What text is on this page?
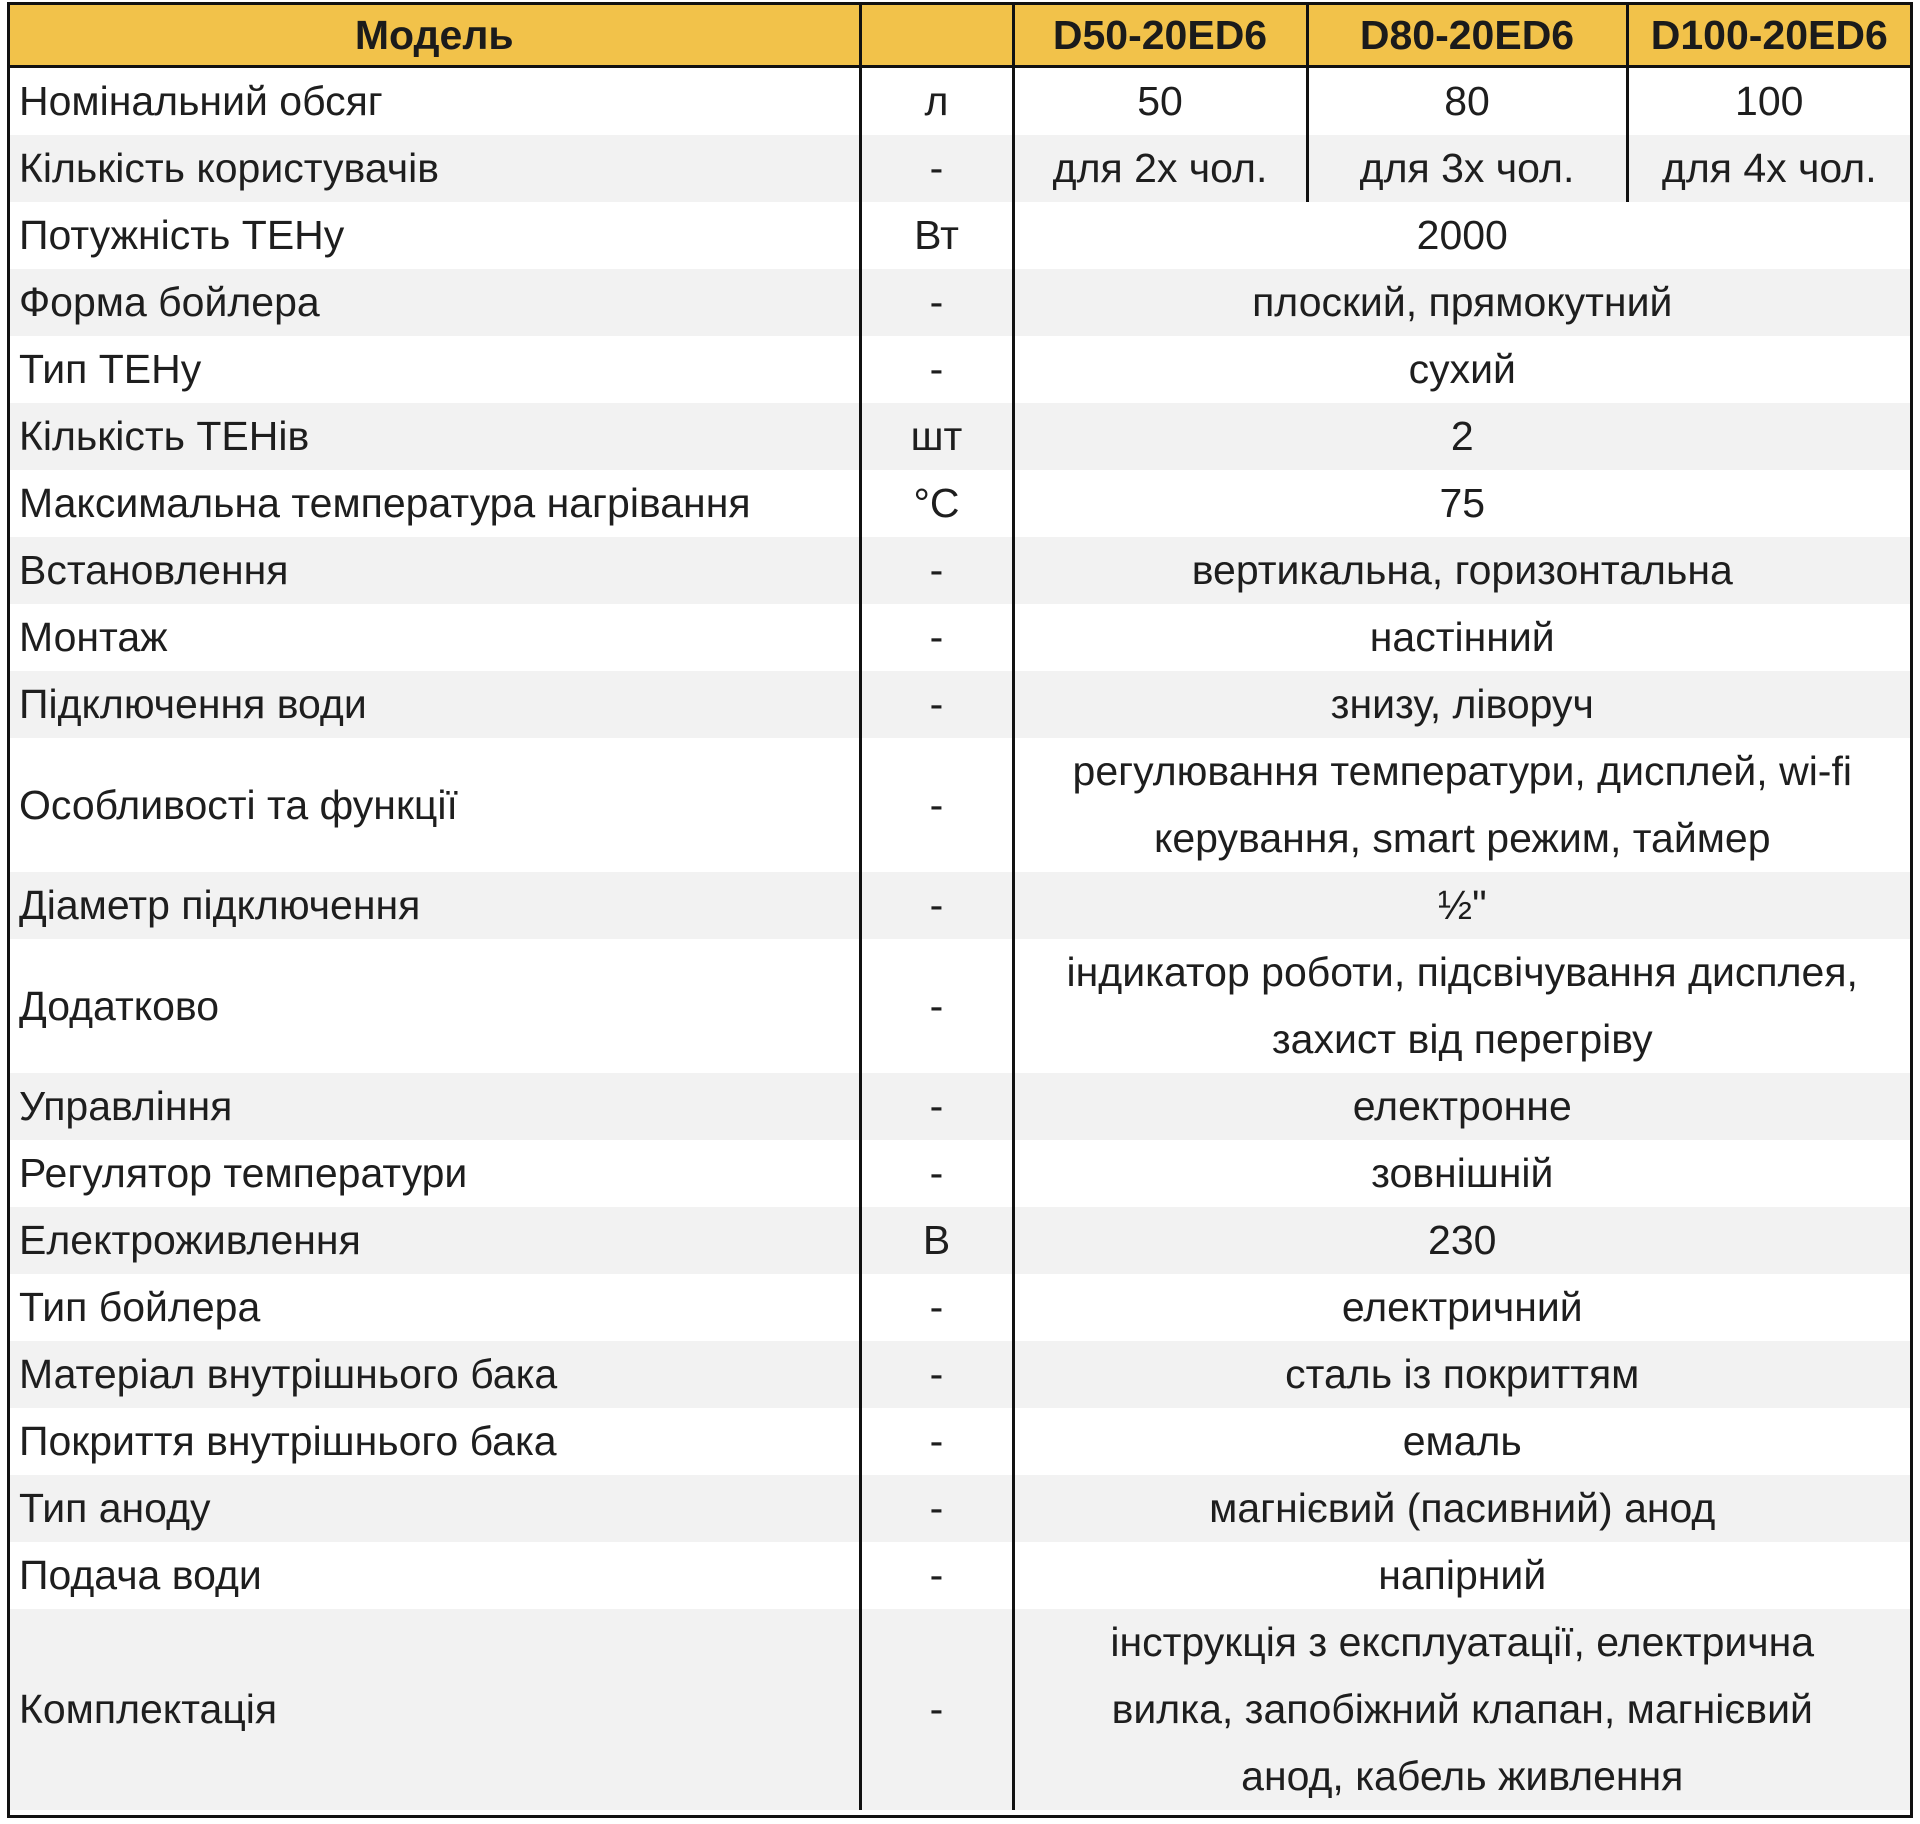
Модель		D50-20ED6	D80-20ED6	D100-20ED6
Номінальний обсяг	л	50	80	100
Кількість користувачів	-	для 2х чол.	для 3х чол.	для 4х чол.
Потужність ТЕНу	Вт	2000		
Форма бойлера	-	плоский, прямокутний		
Тип ТЕНу	-	сухий		
Кількість ТЕНів	шт	2		
Максимальна температура нагрівання	°C	75		
Встановлення	-	вертикальна, горизонтальна		
Монтаж	-	настінний		
Підключення води	-	знизу, ліворуч		
Особливості та функції	-	регулювання температури, дисплей, wi-fi
керування, smart режим, таймер		

Діаметр підключення	-	½"		
Додатково	-	індикатор роботи, підсвічування дисплея,
захист від перегріву		

Управління	-	електронне		
Регулятор температури	-	зовнішній		
Електроживлення	В	230		
Тип бойлера	-	електричний		
Матеріал внутрішнього бака	-	сталь із покриттям		
Покриття внутрішнього бака	-	емаль		
Тип аноду	-	магнієвий (пасивний) анод		
Подача води	-	напірний		
Комплектація	-	інструкція з експлуатації, електрична
вилка, запобіжний клапан, магнієвий
анод, кабель живлення		
